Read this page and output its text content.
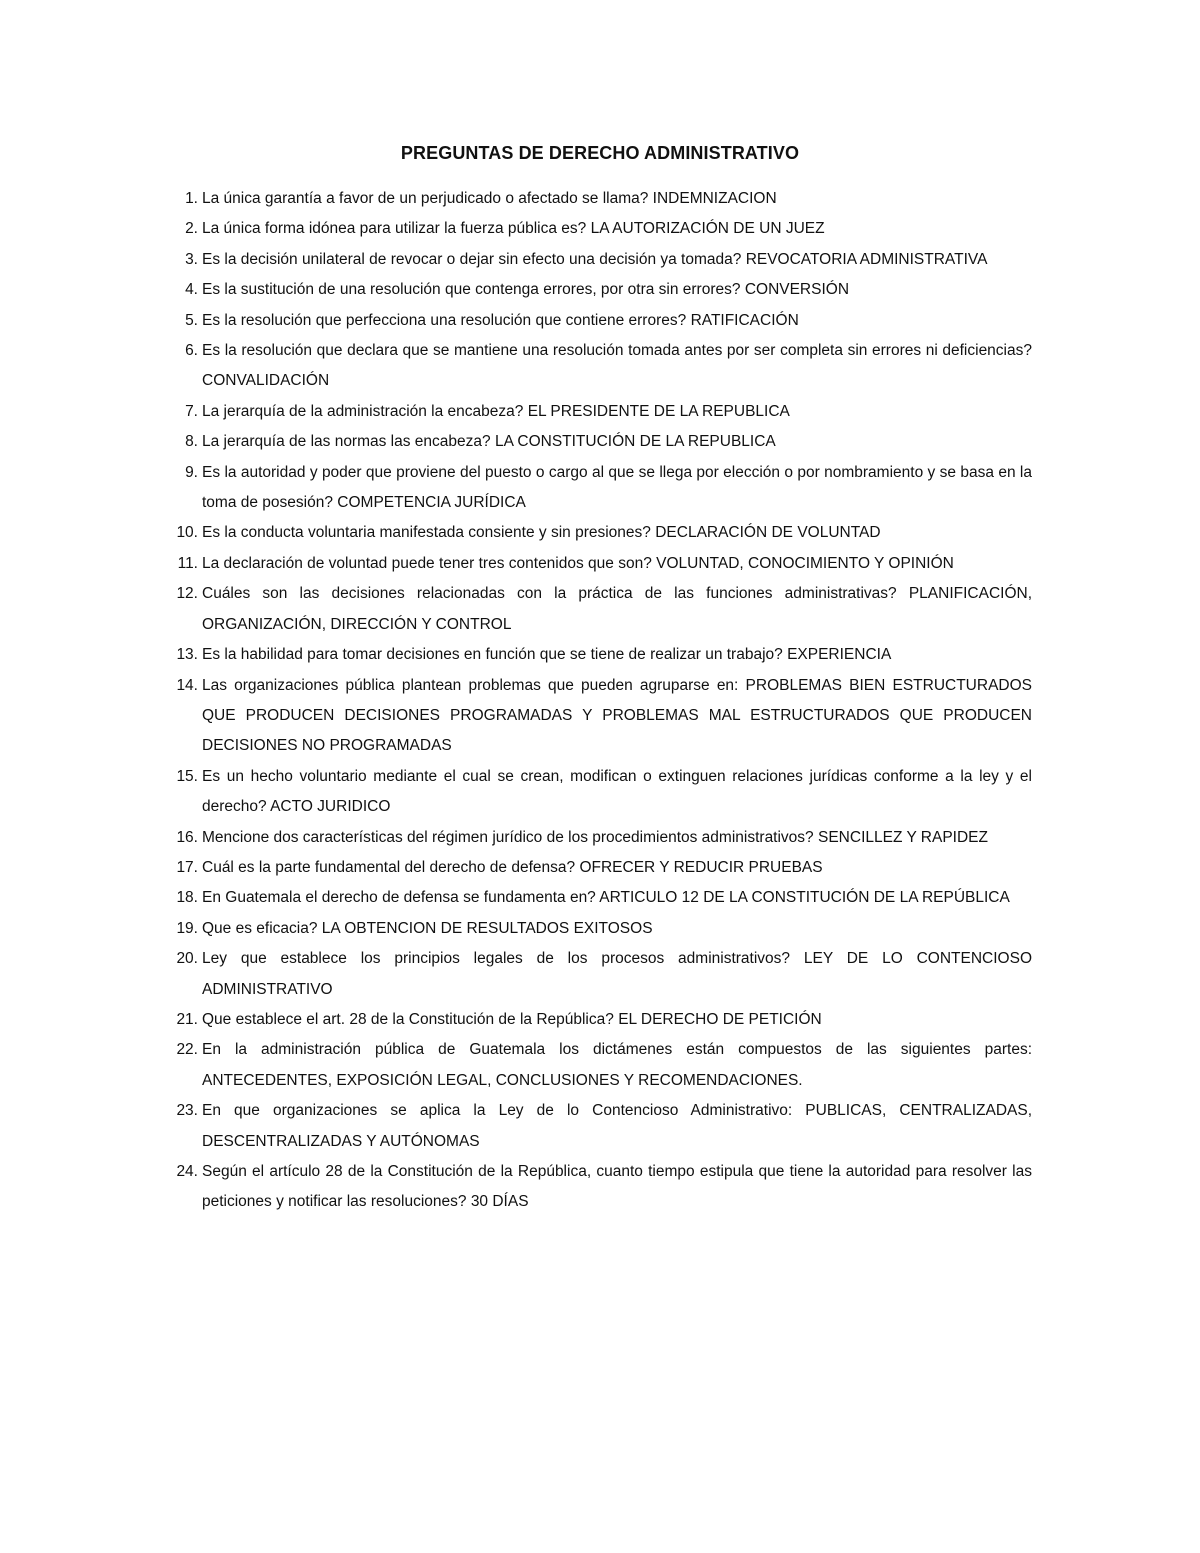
PREGUNTAS DE DERECHO ADMINISTRATIVO
1. La única garantía a favor de un perjudicado o afectado se llama? INDEMNIZACION
2. La única forma idónea para utilizar la fuerza pública es? LA AUTORIZACIÓN DE UN JUEZ
3. Es la decisión unilateral de revocar o dejar sin efecto una decisión ya tomada? REVOCATORIA ADMINISTRATIVA
4. Es la sustitución de una resolución que contenga errores, por otra sin errores? CONVERSIÓN
5. Es la resolución que perfecciona una resolución que contiene errores? RATIFICACIÓN
6. Es la resolución que declara que se mantiene una resolución tomada antes por ser completa sin errores ni deficiencias?CONVALIDACIÓN
7. La jerarquía de la administración la encabeza? EL PRESIDENTE DE LA REPUBLICA
8. La jerarquía de las normas las encabeza? LA CONSTITUCIÓN DE LA REPUBLICA
9. Es la autoridad y poder que proviene del puesto o cargo al que se llega por elección o por nombramiento y se basa en la toma de posesión? COMPETENCIA JURÍDICA
10. Es la conducta voluntaria manifestada consiente y sin presiones? DECLARACIÓN DE VOLUNTAD
11. La declaración de voluntad puede tener tres contenidos que son? VOLUNTAD, CONOCIMIENTO Y OPINIÓN
12. Cuáles son las decisiones relacionadas con la práctica de las funciones administrativas? PLANIFICACIÓN, ORGANIZACIÓN, DIRECCIÓN Y CONTROL
13. Es la habilidad para tomar decisiones en función que se tiene de realizar un trabajo? EXPERIENCIA
14. Las organizaciones pública plantean problemas que pueden agruparse en: PROBLEMAS BIEN ESTRUCTURADOS QUE PRODUCEN DECISIONES PROGRAMADAS Y PROBLEMAS MAL ESTRUCTURADOS QUE PRODUCEN DECISIONES NO PROGRAMADAS
15. Es un hecho voluntario mediante el cual se crean, modifican o extinguen relaciones jurídicas conforme a la ley y el derecho? ACTO JURIDICO
16. Mencione dos características del régimen jurídico de los procedimientos administrativos? SENCILLEZ Y RAPIDEZ
17. Cuál es la parte fundamental del derecho de defensa? OFRECER Y REDUCIR PRUEBAS
18. En Guatemala el derecho de defensa se fundamenta en? ARTICULO 12 DE LA CONSTITUCIÓN DE LA REPÚBLICA
19. Que es eficacia? LA OBTENCION DE RESULTADOS EXITOSOS
20. Ley que establece los principios legales de los procesos administrativos? LEY DE LO CONTENCIOSO ADMINISTRATIVO
21. Que establece el art. 28 de la Constitución de la República? EL DERECHO DE PETICIÓN
22. En la administración pública de Guatemala los dictámenes están compuestos de las siguientes partes:ANTECEDENTES, EXPOSICIÓN LEGAL, CONCLUSIONES Y RECOMENDACIONES.
23. En que organizaciones se aplica la Ley de lo Contencioso Administrativo: PUBLICAS, CENTRALIZADAS, DESCENTRALIZADAS Y AUTÓNOMAS
24. Según el artículo 28 de la Constitución de la República, cuanto tiempo estipula que tiene la autoridad para resolver las peticiones y notificar las resoluciones? 30 DÍAS
